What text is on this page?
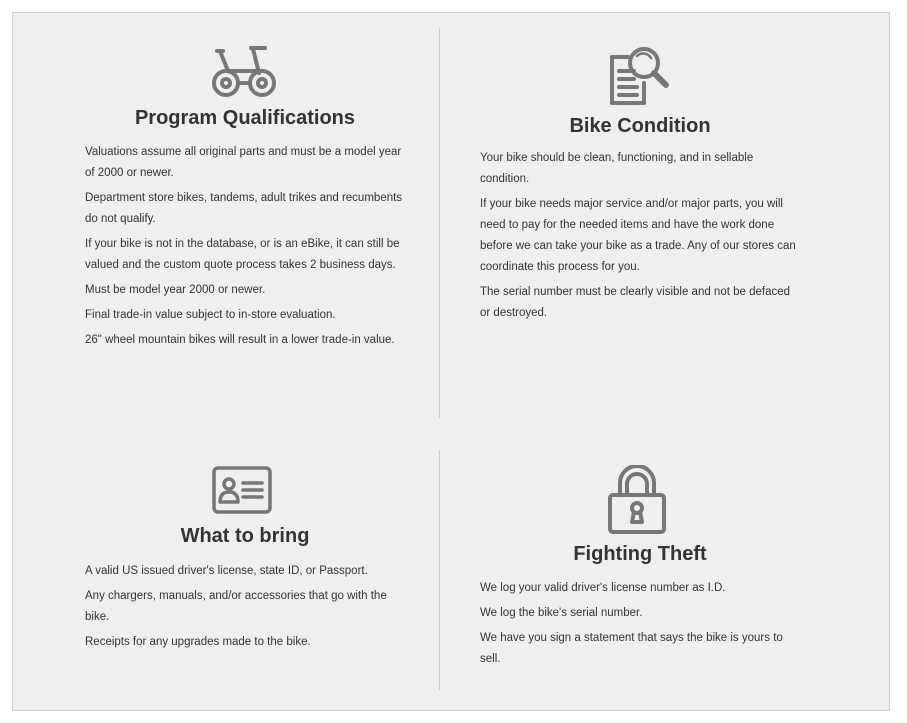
Program Qualifications
Valuations assume all original parts and must be a model year of 2000 or newer.
Department store bikes, tandems, adult trikes and recumbents do not qualify.
If your bike is not in the database, or is an eBike, it can still be valued and the custom quote process takes 2 business days.
Must be model year 2000 or newer.
Final trade-in value subject to in-store evaluation.
26" wheel mountain bikes will result in a lower trade-in value.
Bike Condition
Your bike should be clean, functioning, and in sellable condition.
If your bike needs major service and/or major parts, you will need to pay for the needed items and have the work done before we can take your bike as a trade. Any of our stores can coordinate this process for you.
The serial number must be clearly visible and not be defaced or destroyed.
What to bring
A valid US issued driver's license, state ID, or Passport.
Any chargers, manuals, and/or accessories that go with the bike.
Receipts for any upgrades made to the bike.
Fighting Theft
We log your valid driver's license number as I.D.
We log the bike's serial number.
We have you sign a statement that says the bike is yours to sell.
